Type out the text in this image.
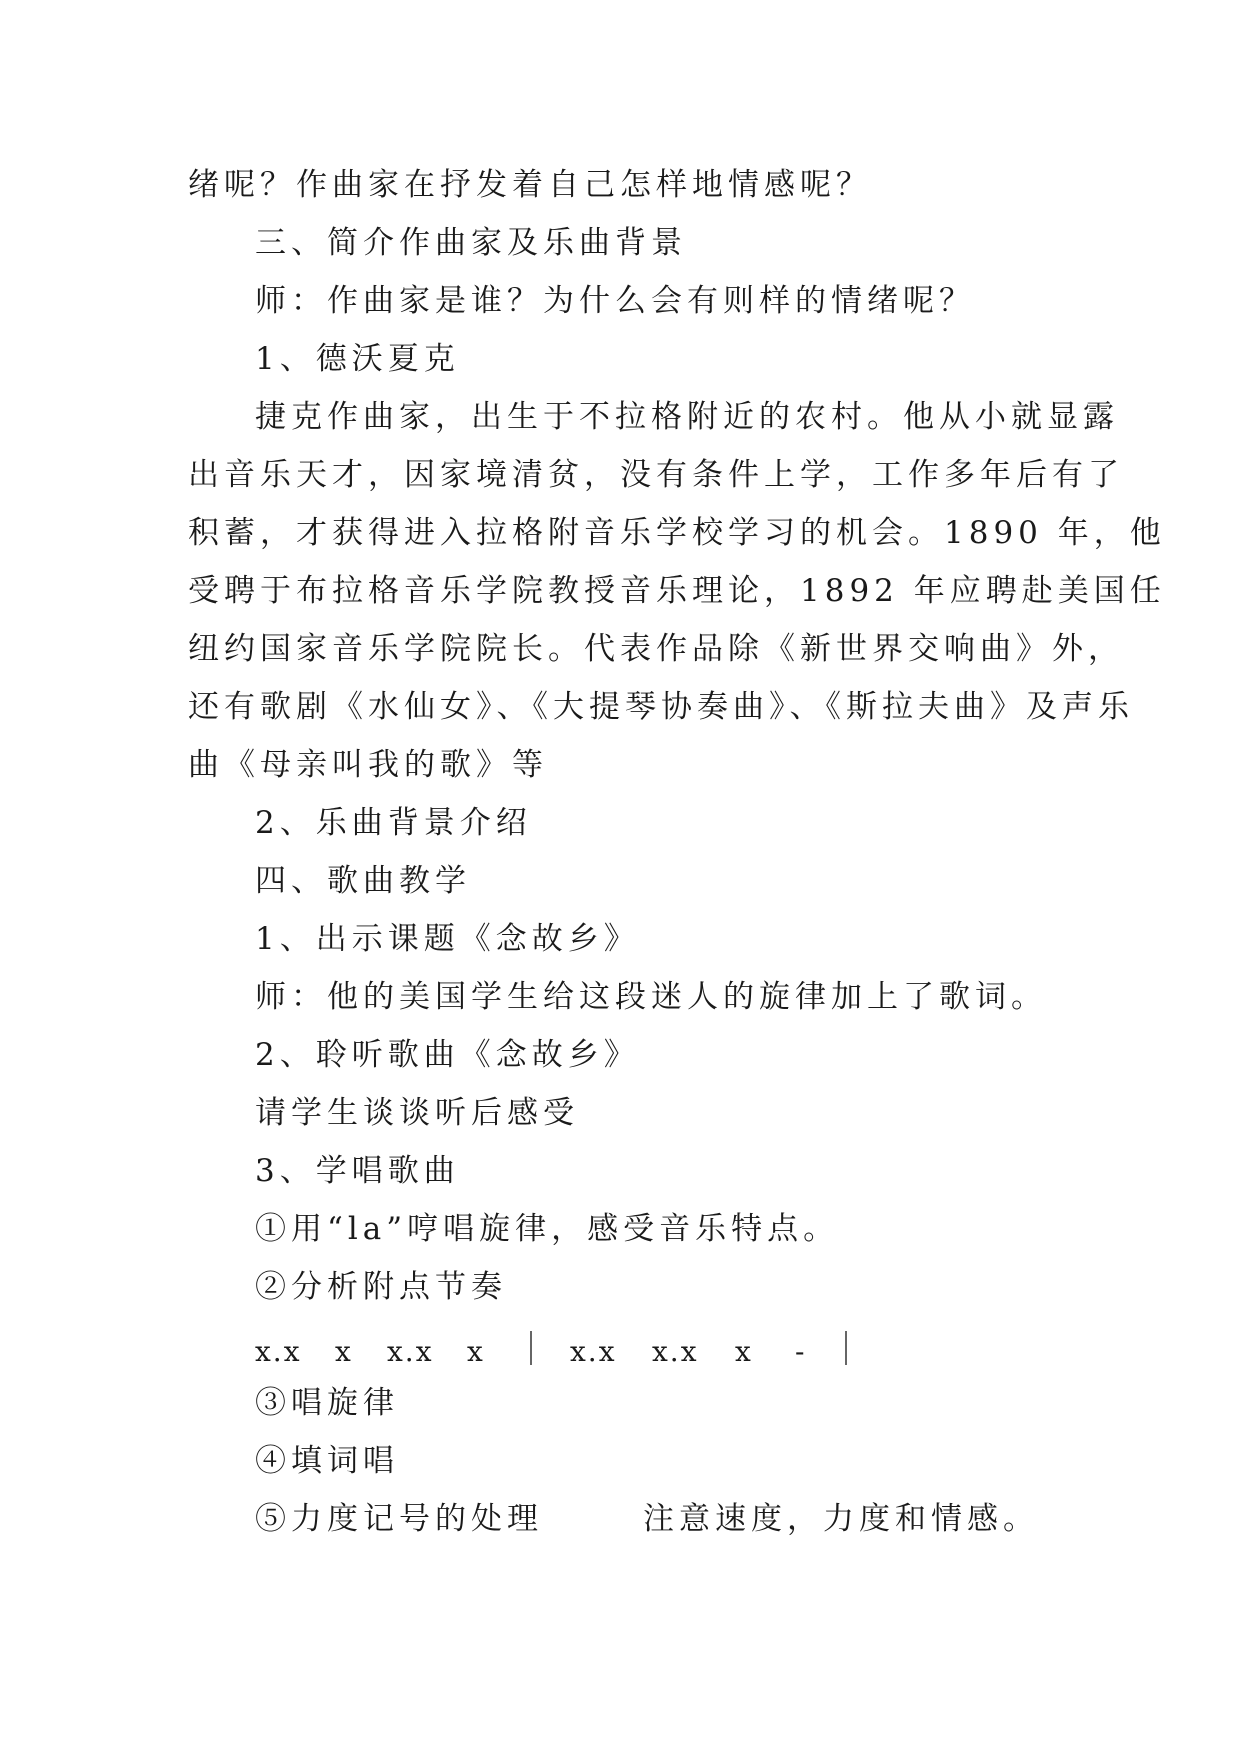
绪呢？作曲家在抒发着自己怎样地情感呢？
三、简介作曲家及乐曲背景
师：作曲家是谁？为什么会有则样的情绪呢？
1、德沃夏克
捷克作曲家，出生于不拉格附近的农村。他从小就显露
出音乐天才，因家境清贫，没有条件上学，工作多年后有了
积蓄，才获得进入拉格附音乐学校学习的机会。1890 年，他
受聘于布拉格音乐学院教授音乐理论，1892 年应聘赴美国任
纽约国家音乐学院院长。代表作品除《新世界交响曲》外，
还有歌剧《水仙女》、《大提琴协奏曲》、《斯拉夫曲》及声乐
曲《母亲叫我的歌》等
2、乐曲背景介绍
四、歌曲教学
1、出示课题《念故乡》
师：他的美国学生给这段迷人的旋律加上了歌词。
2、聆听歌曲《念故乡》
请学生谈谈听后感受
3、学唱歌曲
①用“la”哼唱旋律，感受音乐特点。
②分析附点节奏
x.x x x.x x	x.x x.x x -
③唱旋律
④填词唱
⑤力度记号的处理	注意速度，力度和情感。
